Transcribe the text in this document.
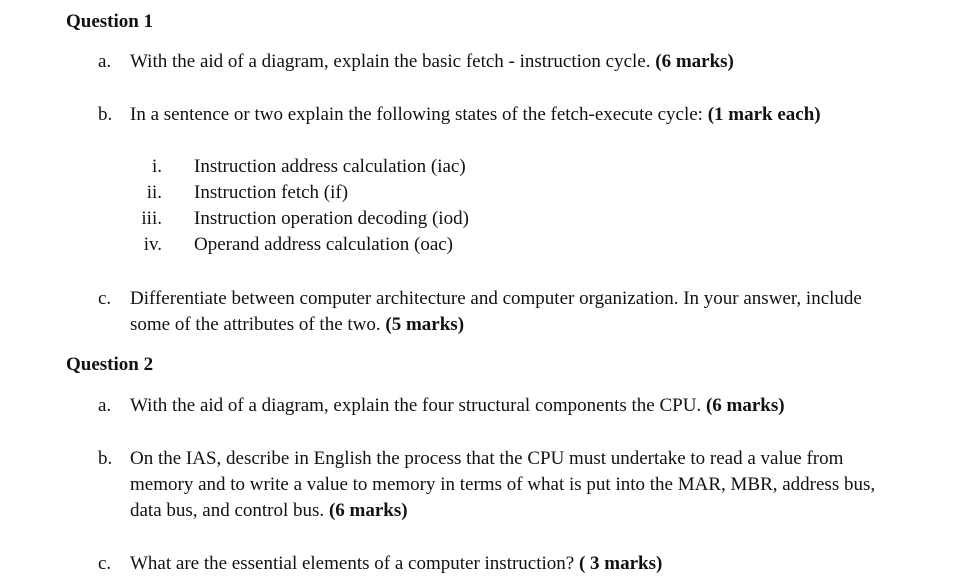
Question 1
a. With the aid of a diagram, explain the basic fetch - instruction cycle. (6 marks)
b. In a sentence or two explain the following states of the fetch-execute cycle: (1 mark each)
i. Instruction address calculation (iac)
ii. Instruction fetch (if)
iii. Instruction operation decoding (iod)
iv. Operand address calculation (oac)
c. Differentiate between computer architecture and computer organization. In your answer, include some of the attributes of the two. (5 marks)
Question 2
a. With the aid of a diagram, explain the four structural components the CPU. (6 marks)
b. On the IAS, describe in English the process that the CPU must undertake to read a value from memory and to write a value to memory in terms of what is put into the MAR, MBR, address bus, data bus, and control bus. (6 marks)
c. What are the essential elements of a computer instruction? ( 3 marks)
